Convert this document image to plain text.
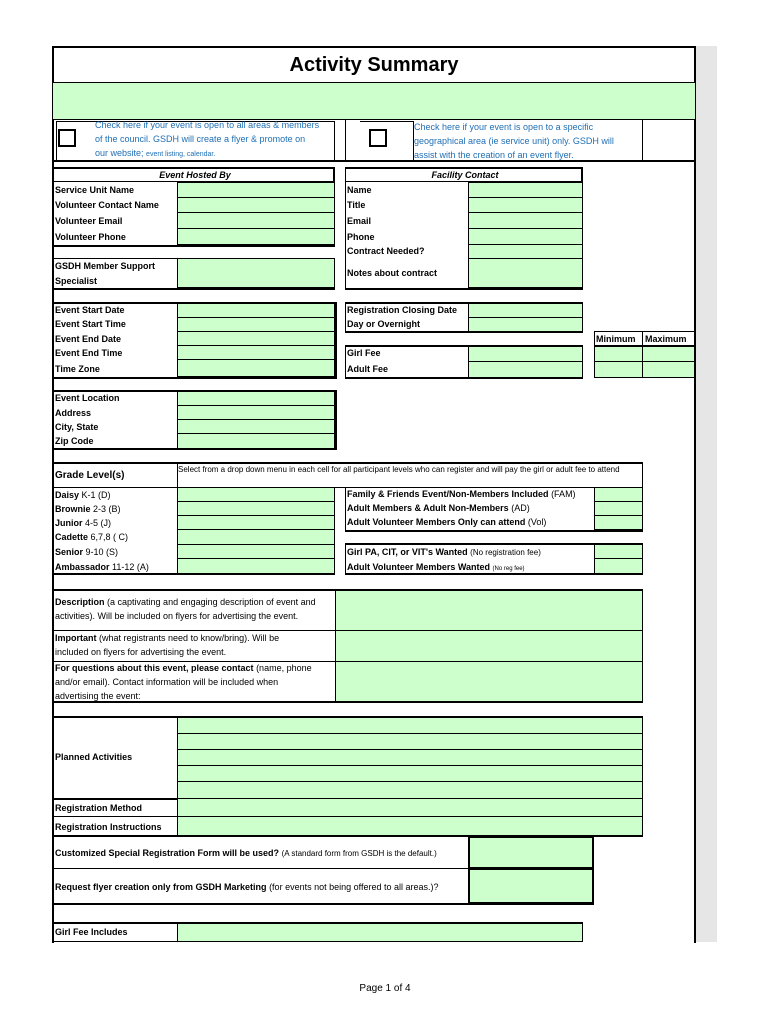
Activity Summary
Check here if your event is open to all areas & members
of the council. GSDH will create a flyer & promote on
our website; event listing, calendar.
Check here if your event is open to a specific
geographical area (ie service unit) only. GSDH will
assist with the creation of an event flyer.
Event Hosted By
Service Unit Name
Volunteer Contact Name
Volunteer Email
Volunteer Phone
Facility Contact
Name
Title
Email
Phone
Contract Needed?
Notes about contract
GSDH Member Support
Specialist
Event Start Date
Event Start Time
Event End Date
Event End Time
Time Zone
Registration Closing Date
Day or Overnight
Minimum Maximum
Girl Fee
Adult Fee
Event Location
Address
City, State
Zip Code
Grade Level(s)
Select from a drop down menu in each cell for all participant levels who can register and will pay the girl or adult fee to attend
Daisy K-1 (D)
Brownie 2-3 (B)
Junior 4-5 (J)
Cadette 6,7,8 ( C)
Senior 9-10 (S)
Ambassador 11-12 (A)
Family & Friends Event/Non-Members Included (FAM)
Adult Members & Adult Non-Members (AD)
Adult Volunteer Members Only can attend (Vol)
Girl PA, CIT, or VIT's Wanted (No registration fee)
Adult Volunteer Members Wanted (No reg fee)
Description (a captivating and engaging description of event and
activities). Will be included on flyers for advertising the event.
Important (what registrants need to know/bring). Will be
included on flyers for advertising the event.
For questions about this event, please contact (name, phone
and/or email). Contact information will be included when
advertising the event:
Planned Activities
Registration Method
Registration Instructions
Customized Special Registration Form will be used? (A standard form from GSDH is the default.)
Request flyer creation only from GSDH Marketing (for events not being offered to all areas.)?
Girl Fee Includes
Page 1 of 4
